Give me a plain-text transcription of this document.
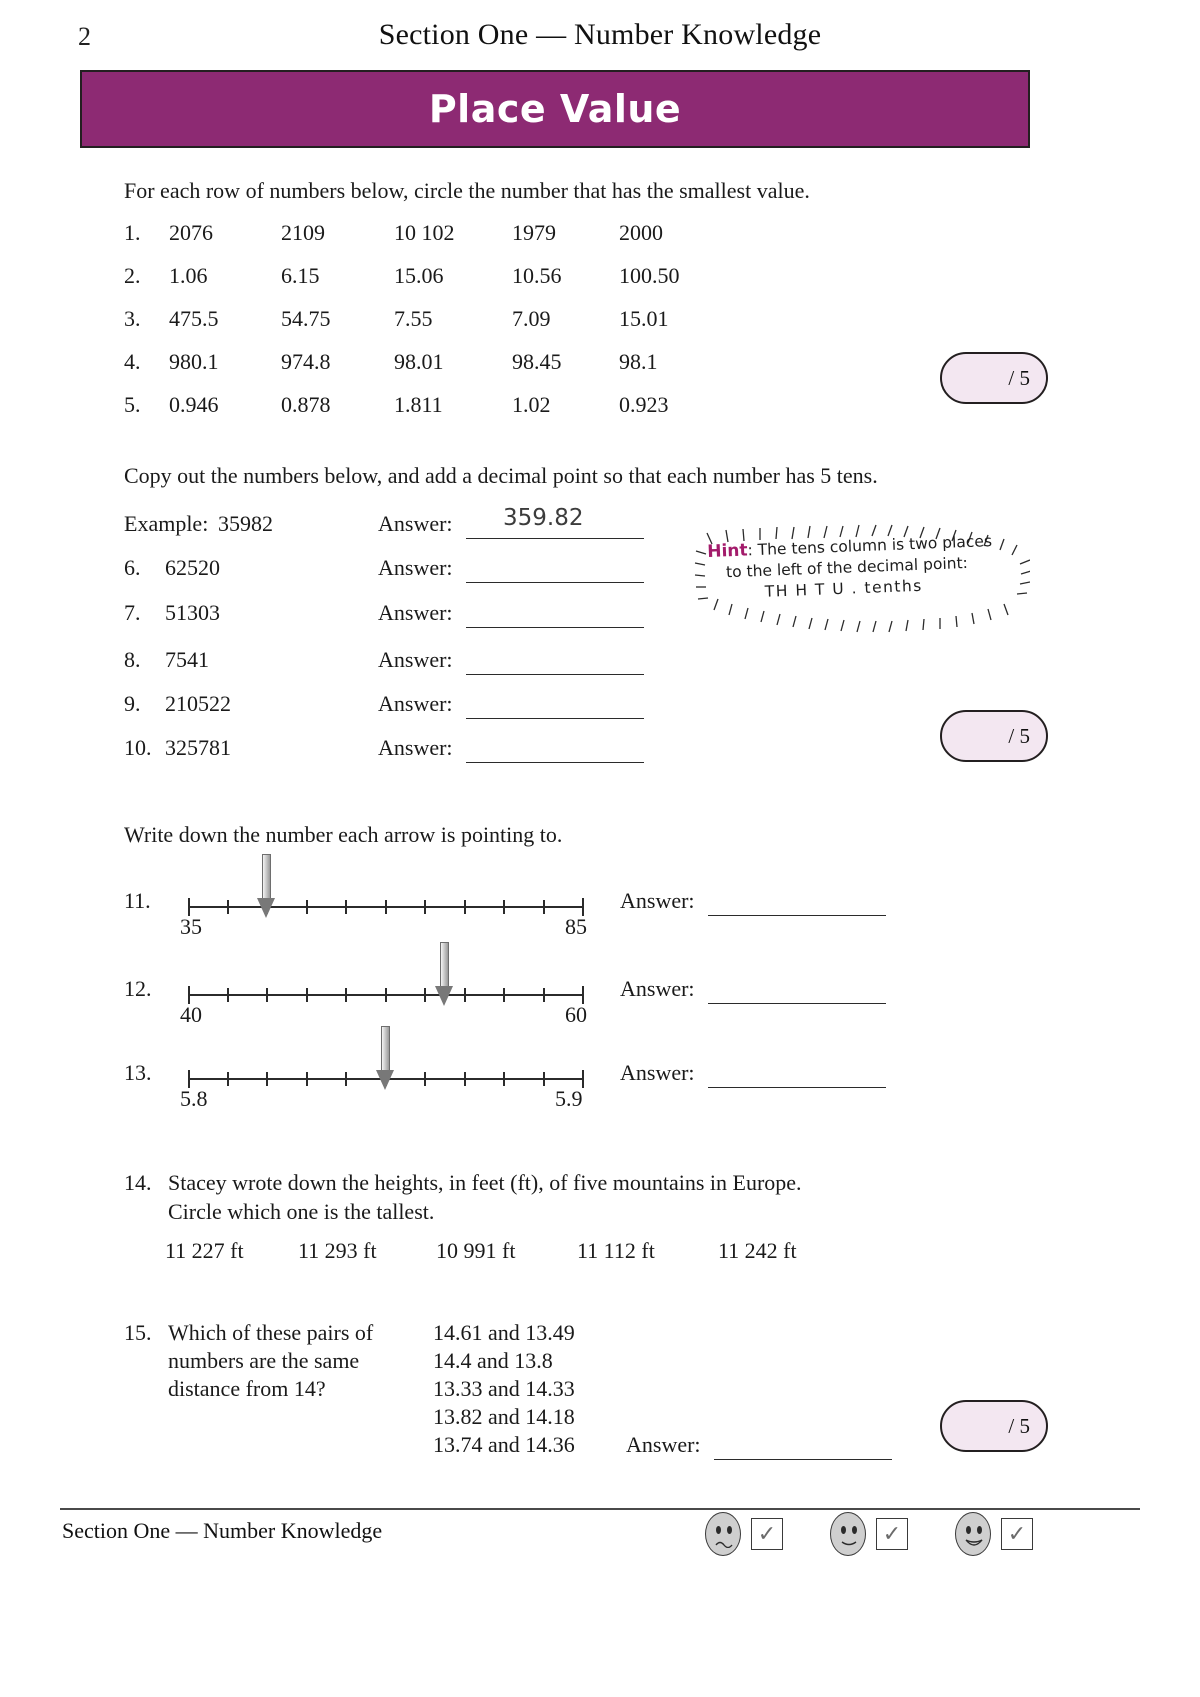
2	Section One — Number Knowledge
Place Value
For each row of numbers below, circle the number that has the smallest value.
1. 2076	2109	10 102	1979	2000
2. 1.06	6.15	15.06	10.56	100.50
3. 475.5	54.75	7.55	7.09	15.01
4. 980.1	974.8	98.01	98.45	98.1
5. 0.946	0.878	1.811	1.02	0.923
/ 5
Copy out the numbers below, and add a decimal point so that each number has 5 tens.
Example: 35982	Answer: 359.82
6. 62520	Answer:
7. 51303	Answer:
8. 7541	Answer:
9. 210522	Answer:
10. 325781	Answer:
Hint: The tens column is two places
to the left of the decimal point:
TH H T U . tenths
/ 5
Write down the number each arrow is pointing to.
11.
35	85
Answer:
12.
40	60
Answer:
13.
5.8	5.9
Answer:
14. Stacey wrote down the heights, in feet (ft), of five mountains in Europe.
Circle which one is the tallest.
11 227 ft 11 293 ft	10 991 ft	11 112 ft	11 242 ft
15. Which of these pairs of
numbers are the same
distance from 14?
14.61 and 13.49
14.4 and 13.8
13.33 and 14.33
13.82 and 14.18
13.74 and 14.36 Answer:
/ 5
Section One — Number Knowledge	✓	✓	✓
